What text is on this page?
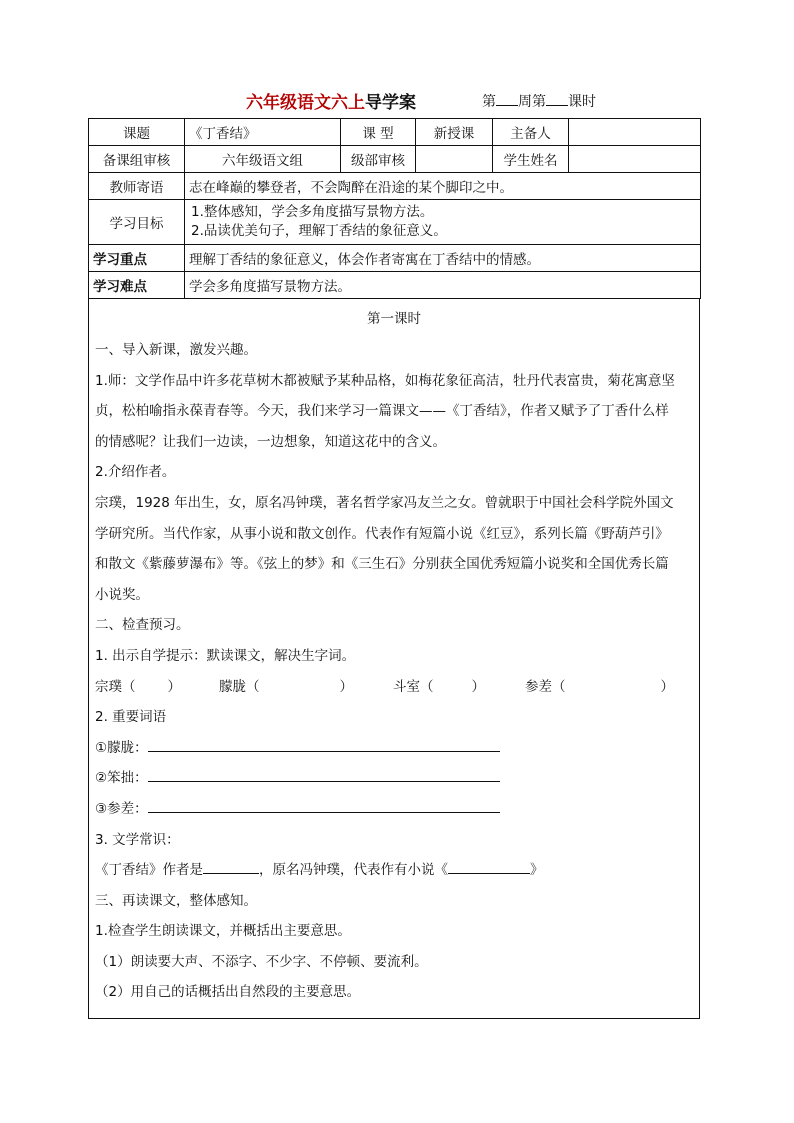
六年级语文六上导学案	第 周第 课时
课题	《丁香结》	课 型	新授课	主备人	
备课组审核	六年级语文组	级部审核		学生姓名	
教师寄语	志在峰巅的攀登者，不会陶醉在沿途的某个脚印之中。				
学习目标	1.整体感知，学会多角度描写景物方法。
2.品读优美句子，理解丁香结的象征意义。				

学习重点	理解丁香结的象征意义，体会作者寄寓在丁香结中的情感。				
学习难点	学会多角度描写景物方法。				
第一课时

一、导入新课，激发兴趣。

1.师：文学作品中许多花草树木都被赋予某种品格，如梅花象征高洁，牡丹代表富贵，菊花寓意坚

贞，松柏喻指永葆青春等。今天，我们来学习一篇课文——《丁香结》，作者又赋予了丁香什么样

的情感呢？让我们一边读，一边想象，知道这花中的含义。

2.介绍作者。

宗璞，1928 年出生，女，原名冯钟璞，著名哲学家冯友兰之女。曾就职于中国社会科学院外国文

学研究所。当代作家，从事小说和散文创作。代表作有短篇小说《红豆》，系列长篇《野葫芦引》

和散文《紫藤萝瀑布》等。《弦上的梦》和《三生石》分别获全国优秀短篇小说奖和全国优秀长篇

小说奖。

二、检查预习。

1. 出示自学提示：默读课文，解决生字词。

宗璞（ ）	朦胧（	）	斗室（	）	参差（	）

2. 重要词语

①朦胧：

②笨拙：

③参差：

3. 文学常识：

《丁香结》作者是	，原名冯钟璞，代表作有小说《	》

三、再读课文，整体感知。

1.检查学生朗读课文，并概括出主要意思。

（1）朗读要大声、不添字、不少字、不停顿、要流利。

（2）用自己的话概括出自然段的主要意思。
